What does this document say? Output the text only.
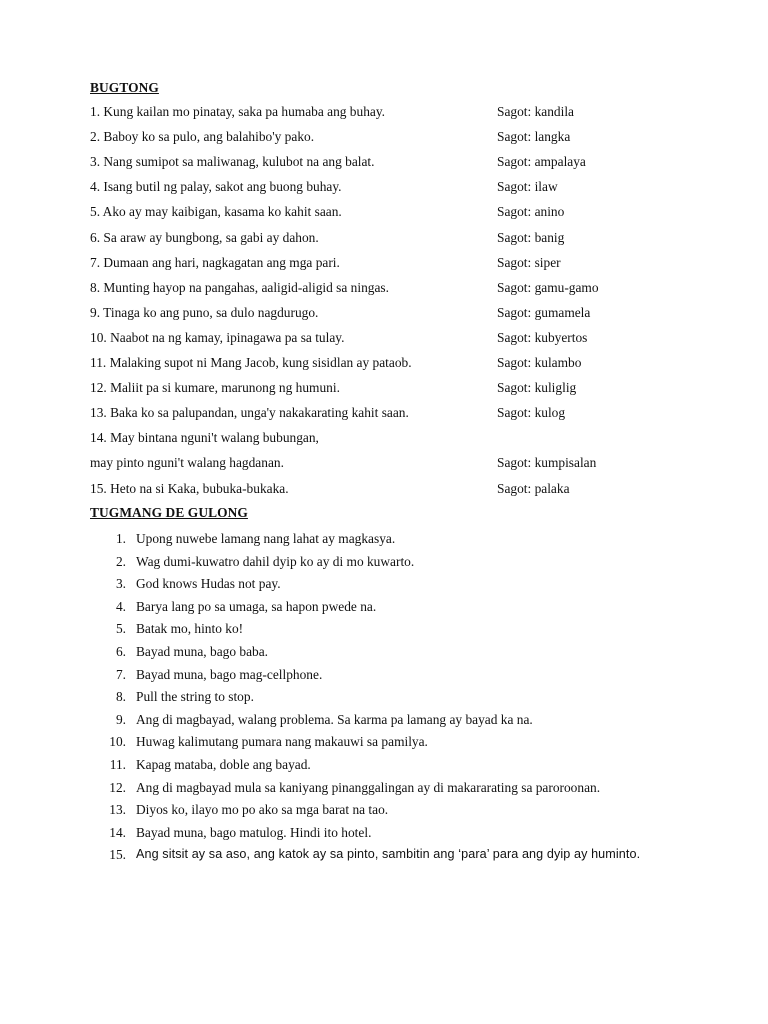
BUGTONG
1. Kung kailan mo pinatay, saka pa humaba ang buhay.	Sagot: kandila
2. Baboy ko sa pulo, ang balahibo'y pako.	Sagot: langka
3. Nang sumipot sa maliwanag, kulubot na ang balat.	Sagot: ampalaya
4. Isang butil ng palay, sakot ang buong buhay.	Sagot: ilaw
5. Ako ay may kaibigan, kasama ko kahit saan.	Sagot: anino
6. Sa araw ay bungbong, sa gabi ay dahon.	Sagot: banig
7. Dumaan ang hari, nagkagatan ang mga pari.	Sagot: siper
8. Munting hayop na pangahas, aaligid-aligid sa ningas.	Sagot: gamu-gamo
9. Tinaga ko ang puno, sa dulo nagdurugo.	Sagot: gumamela
10. Naabot na ng kamay, ipinagawa pa sa tulay.	Sagot: kubyertos
11. Malaking supot ni Mang Jacob, kung sisidlan ay pataob.	Sagot: kulambo
12. Maliit pa si kumare, marunong ng humuni.	Sagot: kuliglig
13. Baka ko sa palupandan, unga'y nakakarating kahit saan.	Sagot: kulog
14. May bintana nguni't walang bubungan,
may pinto nguni't walang hagdanan.	Sagot: kumpisalan
15. Heto na si Kaka, bubuka-bukaka.	Sagot: palaka
TUGMANG DE GULONG
1. Upong nuwebe lamang nang lahat ay magkasya.
2. Wag dumi-kuwatro dahil dyip ko ay di mo kuwarto.
3. God knows Hudas not pay.
4. Barya lang po sa umaga, sa hapon pwede na.
5. Batak mo, hinto ko!
6. Bayad muna, bago baba.
7. Bayad muna, bago mag-cellphone.
8. Pull the string to stop.
9. Ang di magbayad, walang problema. Sa karma pa lamang ay bayad ka na.
10. Huwag kalimutang pumara nang makauwi sa pamilya.
11. Kapag mataba, doble ang bayad.
12. Ang di magbayad mula sa kaniyang pinanggalingan ay di makararating sa paroroonan.
13. Diyos ko, ilayo mo po ako sa mga barat na tao.
14. Bayad muna, bago matulog. Hindi ito hotel.
15. Ang sitsit ay sa aso, ang katok ay sa pinto, sambitin ang ‘para’ para ang dyip ay huminto.
